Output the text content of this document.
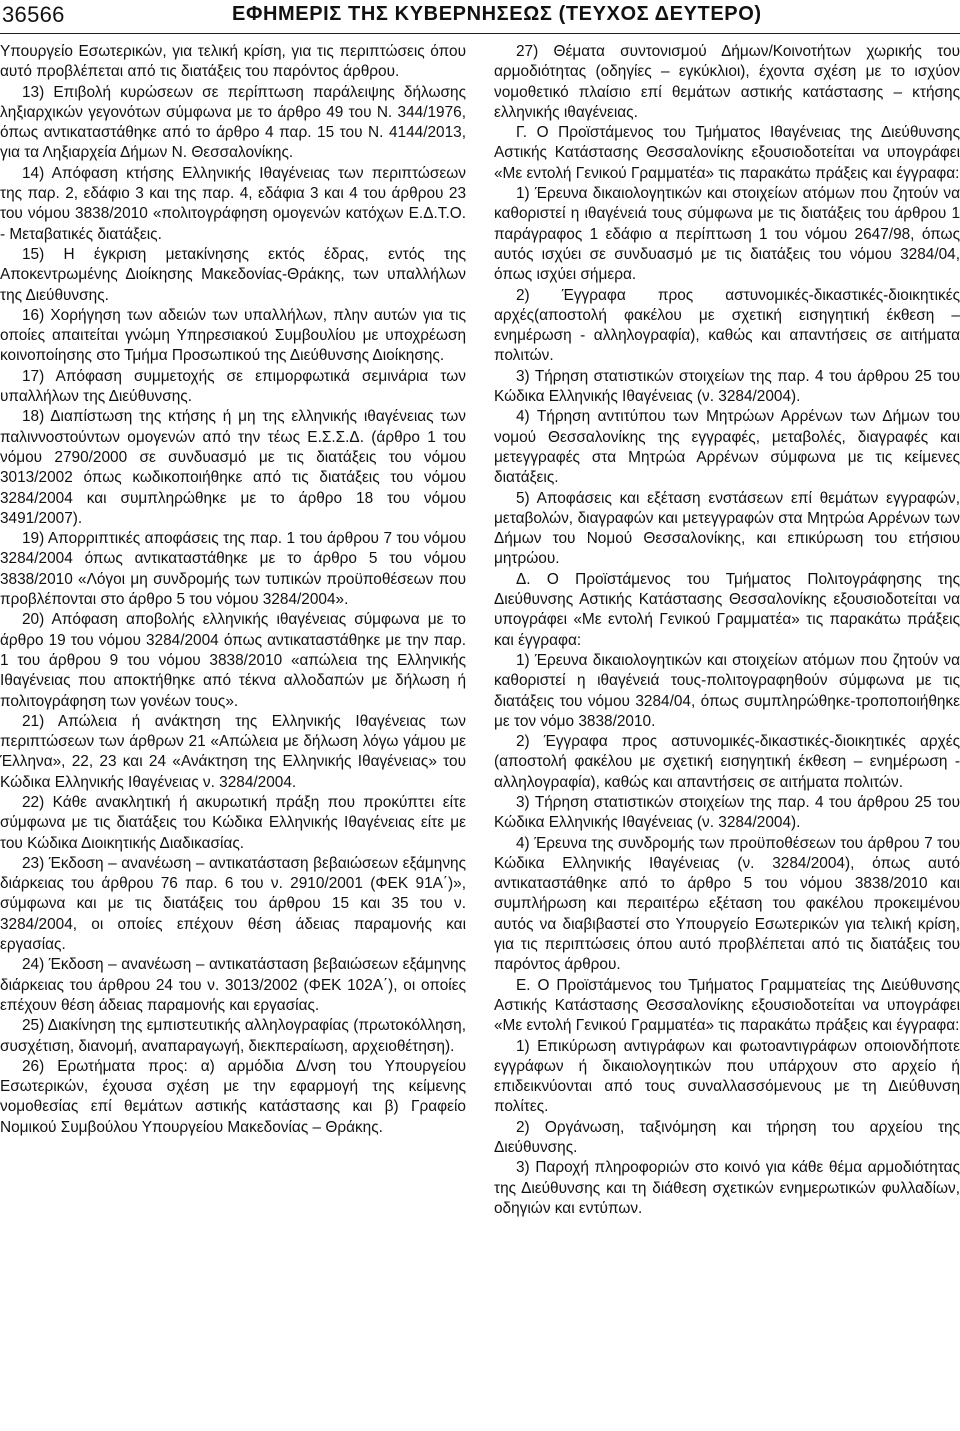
36566	ΕΦΗΜΕΡΙΣ ΤΗΣ ΚΥΒΕΡΝΗΣΕΩΣ (ΤΕΥΧΟΣ ΔΕΥΤΕΡΟ)

Υπουργείο Εσωτερικών, για τελική κρίση, για τις περιπτώσεις όπου αυτό προβλέπεται από τις διατάξεις του παρόντος άρθρου.

13) Επιβολή κυρώσεων σε περίπτωση παράλειψης δήλωσης ληξιαρχικών γεγονότων σύμφωνα με το άρθρο 49 του Ν. 344/1976, όπως αντικαταστάθηκε από το άρθρο 4 παρ. 15 του Ν. 4144/2013, για τα Ληξιαρχεία Δήμων Ν. Θεσσαλονίκης.

14) Απόφαση κτήσης Ελληνικής Ιθαγένειας των περιπτώσεων της παρ. 2, εδάφιο 3 και της παρ. 4, εδάφια 3 και 4 του άρθρου 23 του νόμου 3838/2010 «πολιτογράφηση ομογενών κατόχων Ε.Δ.Τ.Ο. - Μεταβατικές διατάξεις.

15) Η έγκριση μετακίνησης εκτός έδρας, εντός της Αποκεντρωμένης Διοίκησης Μακεδονίας-Θράκης, των υπαλλήλων της Διεύθυνσης.

16) Χορήγηση των αδειών των υπαλλήλων, πλην αυτών για τις οποίες απαιτείται γνώμη Υπηρεσιακού Συμβουλίου με υποχρέωση κοινοποίησης στο Τμήμα Προσωπικού της Διεύθυνσης Διοίκησης.

17) Απόφαση συμμετοχής σε επιμορφωτικά σεμινάρια των υπαλλήλων της Διεύθυνσης.

18) Διαπίστωση της κτήσης ή μη της ελληνικής ιθαγένειας των παλιννοστούντων ομογενών από την τέως Ε.Σ.Σ.Δ. (άρθρο 1 του νόμου 2790/2000 σε συνδυασμό με τις διατάξεις του νόμου 3013/2002 όπως κωδικοποιήθηκε από τις διατάξεις του νόμου 3284/2004 και συμπληρώθηκε με το άρθρο 18 του νόμου 3491/2007).

19) Απορριπτικές αποφάσεις της παρ. 1 του άρθρου 7 του νόμου 3284/2004 όπως αντικαταστάθηκε με το άρθρο 5 του νόμου 3838/2010 «Λόγοι μη συνδρομής των τυπικών προϋποθέσεων που προβλέπονται στο άρθρο 5 του νόμου 3284/2004».

20) Απόφαση αποβολής ελληνικής ιθαγένειας σύμφωνα με το άρθρο 19 του νόμου 3284/2004 όπως αντικαταστάθηκε με την παρ. 1 του άρθρου 9 του νόμου 3838/2010 «απώλεια της Ελληνικής Ιθαγένειας που αποκτήθηκε από τέκνα αλλοδαπών με δήλωση ή πολιτογράφηση των γονέων τους».

21) Απώλεια ή ανάκτηση της Ελληνικής Ιθαγένειας των περιπτώσεων των άρθρων 21 «Απώλεια με δήλωση λόγω γάμου με Έλληνα», 22, 23 και 24 «Ανάκτηση της Ελληνικής Ιθαγένειας» του Κώδικα Ελληνικής Ιθαγένειας ν. 3284/2004.

22) Κάθε ανακλητική ή ακυρωτική πράξη που προκύπτει είτε σύμφωνα με τις διατάξεις του Κώδικα Ελληνικής Ιθαγένειας είτε με του Κώδικα Διοικητικής Διαδικασίας.

23) Έκδοση – ανανέωση – αντικατάσταση βεβαιώσεων εξάμηνης διάρκειας του άρθρου 76 παρ. 6 του ν. 2910/2001 (ΦΕΚ 91Α΄)», σύμφωνα και με τις διατάξεις του άρθρου 15 και 35 του ν. 3284/2004, οι οποίες επέχουν θέση άδειας παραμονής και εργασίας.

24) Έκδοση – ανανέωση – αντικατάσταση βεβαιώσεων εξάμηνης διάρκειας του άρθρου 24 του ν. 3013/2002 (ΦΕΚ 102Α΄), οι οποίες επέχουν θέση άδειας παραμονής και εργασίας.

25) Διακίνηση της εμπιστευτικής αλληλογραφίας (πρωτοκόλληση, συσχέτιση, διανομή, αναπαραγωγή, διεκπεραίωση, αρχειοθέτηση).

26) Ερωτήματα προς: α) αρμόδια Δ/νση του Υπουργείου Εσωτερικών, έχουσα σχέση με την εφαρμογή της κείμενης νομοθεσίας επί θεμάτων αστικής κατάστασης και β) Γραφείο Νομικού Συμβούλου Υπουργείου Μακεδονίας – Θράκης.

27) Θέματα συντονισμού Δήμων/Κοινοτήτων χωρικής του αρμοδιότητας (οδηγίες – εγκύκλιοι), έχοντα σχέση με το ισχύον νομοθετικό πλαίσιο επί θεμάτων αστικής κατάστασης – κτήσης ελληνικής ιθαγένειας.

Γ. Ο Προϊστάμενος του Τμήματος Ιθαγένειας της Διεύθυνσης Αστικής Κατάστασης Θεσσαλονίκης εξουσιοδοτείται να υπογράφει «Με εντολή Γενικού Γραμματέα» τις παρακάτω πράξεις και έγγραφα:

1) Έρευνα δικαιολογητικών και στοιχείων ατόμων που ζητούν να καθοριστεί η ιθαγένειά τους σύμφωνα με τις διατάξεις του άρθρου 1 παράγραφος 1 εδάφιο α περίπτωση 1 του νόμου 2647/98, όπως αυτός ισχύει σε συνδυασμό με τις διατάξεις του νόμου 3284/04, όπως ισχύει σήμερα.

2) Έγγραφα προς αστυνομικές-δικαστικές-διοικητικές αρχές(αποστολή φακέλου με σχετική εισηγητική έκθεση – ενημέρωση - αλληλογραφία), καθώς και απαντήσεις σε αιτήματα πολιτών.

3) Τήρηση στατιστικών στοιχείων της παρ. 4 του άρθρου 25 του Κώδικα Ελληνικής Ιθαγένειας (ν. 3284/2004).

4) Τήρηση αντιτύπου των Μητρώων Αρρένων των Δήμων του νομού Θεσσαλονίκης της εγγραφές, μεταβολές, διαγραφές και μετεγγραφές στα Μητρώα Αρρένων σύμφωνα με τις κείμενες διατάξεις.

5) Αποφάσεις και εξέταση ενστάσεων επί θεμάτων εγγραφών, μεταβολών, διαγραφών και μετεγγραφών στα Μητρώα Αρρένων των Δήμων του Νομού Θεσσαλονίκης, και επικύρωση του ετήσιου μητρώου.

Δ. Ο Προϊστάμενος του Τμήματος Πολιτογράφησης της Διεύθυνσης Αστικής Κατάστασης Θεσσαλονίκης εξουσιοδοτείται να υπογράφει «Με εντολή Γενικού Γραμματέα» τις παρακάτω πράξεις και έγγραφα:

1) Έρευνα δικαιολογητικών και στοιχείων ατόμων που ζητούν να καθοριστεί η ιθαγένειά τους-πολιτογραφηθούν σύμφωνα με τις διατάξεις του νόμου 3284/04, όπως συμπληρώθηκε-τροποποιήθηκε με τον νόμο 3838/2010.

2) Έγγραφα προς αστυνομικές-δικαστικές-διοικητικές αρχές (αποστολή φακέλου με σχετική εισηγητική έκθεση – ενημέρωση - αλληλογραφία), καθώς και απαντήσεις σε αιτήματα πολιτών.

3) Τήρηση στατιστικών στοιχείων της παρ. 4 του άρθρου 25 του Κώδικα Ελληνικής Ιθαγένειας (ν. 3284/2004).

4) Έρευνα της συνδρομής των προϋποθέσεων του άρθρου 7 του Κώδικα Ελληνικής Ιθαγένειας (ν. 3284/2004), όπως αυτό αντικαταστάθηκε από το άρθρο 5 του νόμου 3838/2010 και συμπλήρωση και περαιτέρω εξέταση του φακέλου προκειμένου αυτός να διαβιβαστεί στο Υπουργείο Εσωτερικών για τελική κρίση, για τις περιπτώσεις όπου αυτό προβλέπεται από τις διατάξεις του παρόντος άρθρου.

Ε. Ο Προϊστάμενος του Τμήματος Γραμματείας της Διεύθυνσης Αστικής Κατάστασης Θεσσαλονίκης εξουσιοδοτείται να υπογράφει «Με εντολή Γενικού Γραμματέα» τις παρακάτω πράξεις και έγγραφα:

1) Επικύρωση αντιγράφων και φωτοαντιγράφων οποιονδήποτε εγγράφων ή δικαιολογητικών που υπάρχουν στο αρχείο ή επιδεικνύονται από τους συναλλασσόμενους με τη Διεύθυνση πολίτες.

2) Οργάνωση, ταξινόμηση και τήρηση του αρχείου της Διεύθυνσης.

3) Παροχή πληροφοριών στο κοινό για κάθε θέμα αρμοδιότητας της Διεύθυνσης και τη διάθεση σχετικών ενημερωτικών φυλλαδίων, οδηγιών και εντύπων.
